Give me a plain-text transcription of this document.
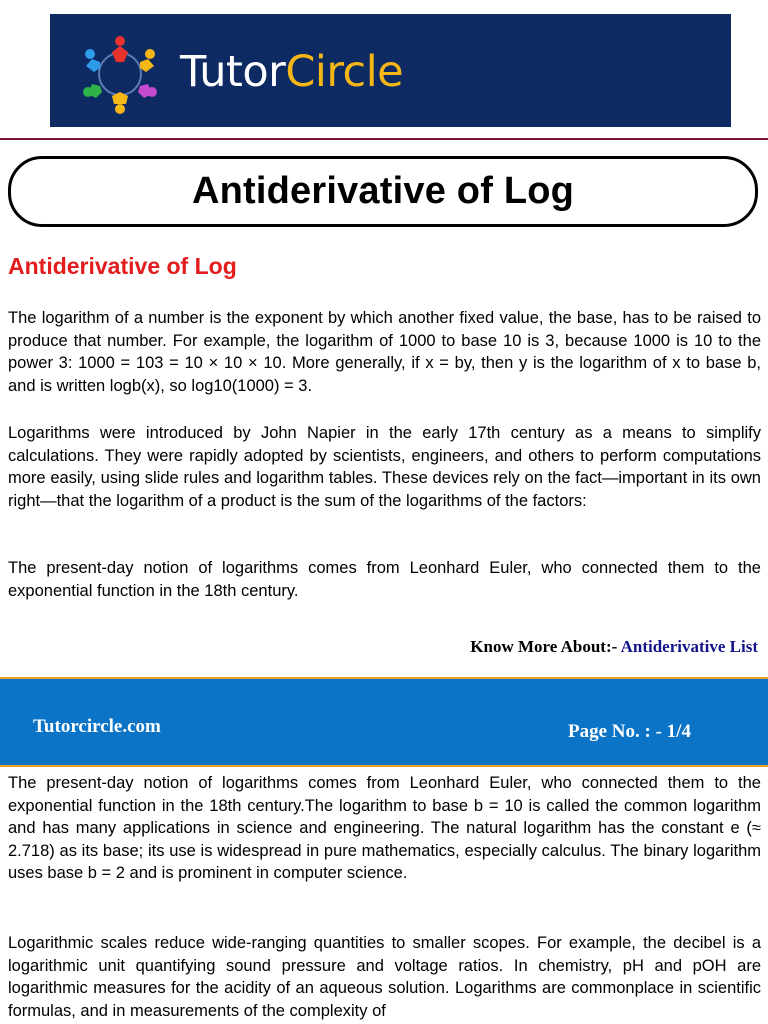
TutorCircle
Antiderivative of Log
Antiderivative of Log

The logarithm of a number is the exponent by which another fixed value, the base, has to be raised to produce that number. For example, the logarithm of 1000 to base 10 is 3, because 1000 is 10 to the power 3: 1000 = 103 = 10 × 10 × 10. More generally, if x = by, then y is the logarithm of x to base b, and is written logb(x), so log10(1000) = 3.

Logarithms were introduced by John Napier in the early 17th century as a means to simplify calculations. They were rapidly adopted by scientists, engineers, and others to perform computations more easily, using slide rules and logarithm tables. These devices rely on the fact—important in its own right—that the logarithm of a product is the sum of the logarithms of the factors:

The present-day notion of logarithms comes from Leonhard Euler, who connected them to the exponential function in the 18th century.

Know More About:- Antiderivative List
Tutorcircle.com	Page No. : - 1/4

The present-day notion of logarithms comes from Leonhard Euler, who connected them to the exponential function in the 18th century.The logarithm to base b = 10 is called the common logarithm and has many applications in science and engineering. The natural logarithm has the constant e (≈ 2.718) as its base; its use is widespread in pure mathematics, especially calculus. The binary logarithm uses base b = 2 and is prominent in computer science.

Logarithmic scales reduce wide-ranging quantities to smaller scopes. For example, the decibel is a logarithmic unit quantifying sound pressure and voltage ratios. In chemistry, pH and pOH are logarithmic measures for the acidity of an aqueous solution. Logarithms are commonplace in scientific formulas, and in measurements of the complexity of
